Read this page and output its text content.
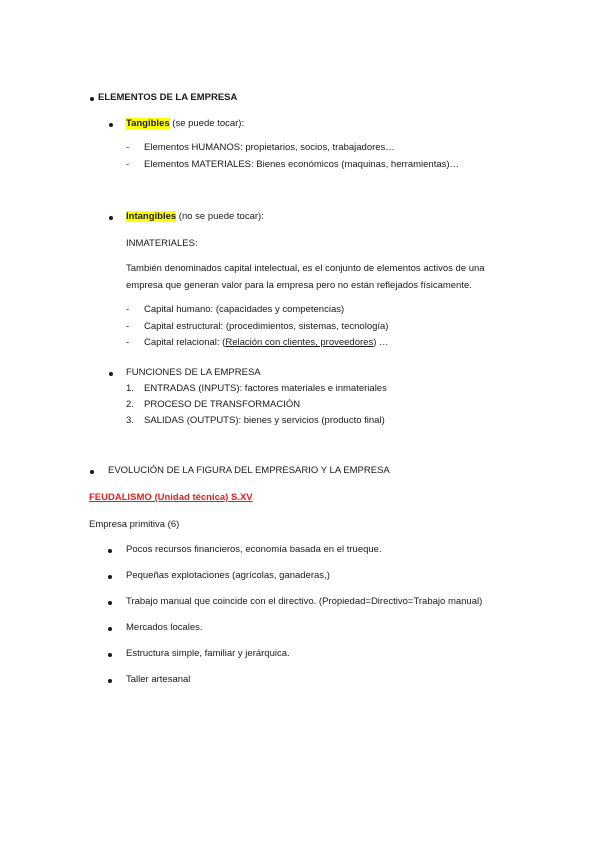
ELEMENTOS DE LA EMPRESA
Tangibles (se puede tocar):
- Elementos HUMANOS: propietarios, socios, trabajadores…
- Elementos MATERIALES: Bienes económicos (maquinas, herramientas)…
Intangibles (no se puede tocar):
INMATERIALES:
También denominados capital intelectual, es el conjunto de elementos activos de una
empresa que generan valor para la empresa pero no están reflejados físicamente.
- Capital humano: (capacidades y competencias)
- Capital estructural: (procedimientos, sistemas, tecnología)
- Capital relacional: (Relación con clientes, proveedores) …
FUNCIONES DE LA EMPRESA
1. ENTRADAS (INPUTS): factores materiales e inmateriales
2. PROCESO DE TRANSFORMACIÓN
3. SALIDAS (OUTPUTS): bienes y servicios (producto final)
EVOLUCIÓN DE LA FIGURA DEL EMPRESARIO Y LA EMPRESA
FEUDALISMO (Unidad técnica) S.XV
Empresa primitiva (6)
Pocos recursos financieros, economía basada en el trueque.
Pequeñas explotaciones (agrícolas, ganaderas,)
Trabajo manual que coincide con el directivo. (Propiedad=Directivo=Trabajo manual)
Mercados locales.
Estructura simple, familiar y jerárquica.
Taller artesanal
